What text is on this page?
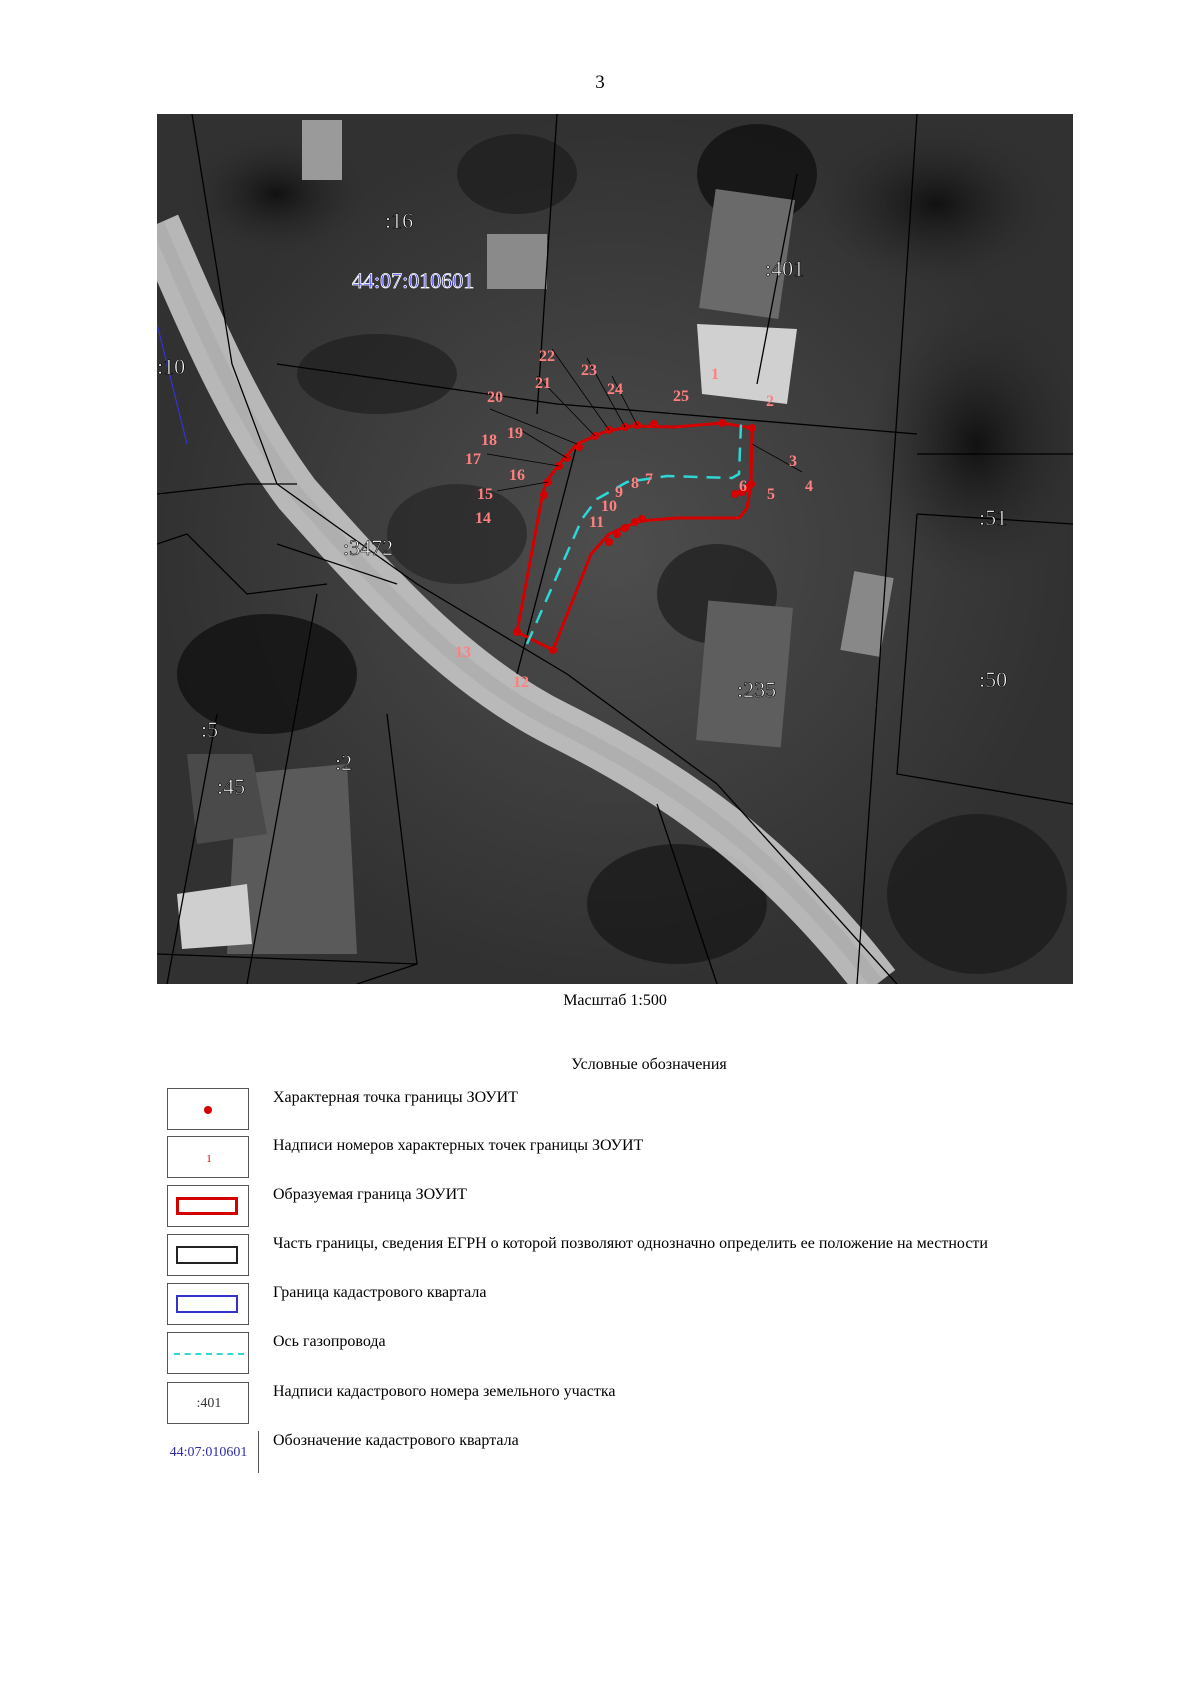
3
:16
:401
:10
:51
:3472
:50
:235
:5
:2
:45
44:07:010601
1
2
3
4
5
6
7
8
9
10
11
12
13
14
15
16
17
18 19
20
21
22
23
24	25
Масштаб 1:500
Условные обозначения
Характерная точка границы ЗОУИТ
1
Надписи номеров характерных точек границы ЗОУИТ
Образуемая граница ЗОУИТ
Часть границы, сведения ЕГРН о которой позволяют однозначно определить ее положение на местности
Граница кадастрового квартала
Ось газопровода
:401
Надписи кадастрового номера земельного участка
44:07:010601
Обозначение кадастрового квартала
